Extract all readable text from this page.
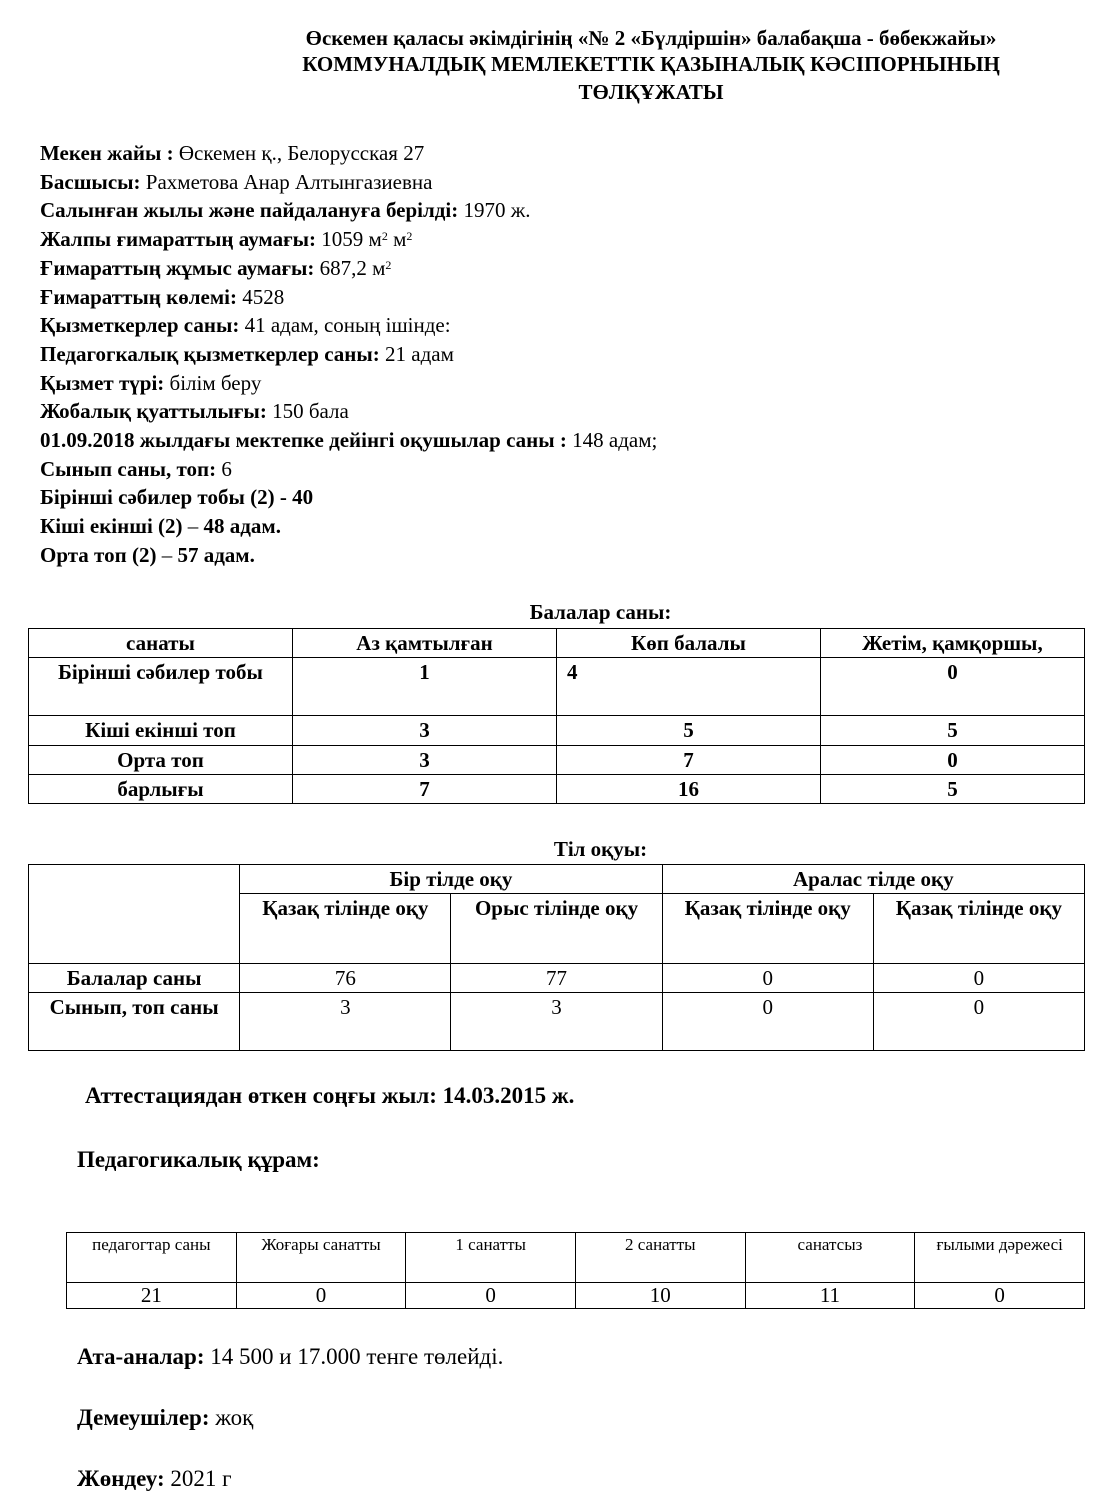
Өскемен қаласы әкімдігінің «№ 2 «Бүлдіршін» балабақша - бөбекжайы»
КОММУНАЛДЫҚ МЕМЛЕКЕТТІК ҚАЗЫНАЛЫҚ КӘСІПОРНЫНЫҢ
ТӨЛҚҰЖАТЫ
Мекен жайы : Өскемен қ., Белорусская 27
Басшысы: Рахметова Анар Алтынгазиевна
Салынған жылы және пайдалануға берілді: 1970 ж.
Жалпы ғимараттың аумағы: 1059 $м^2$ $м^2$
Ғимараттың жұмыс аумағы: 687,2 $м^2$
Ғимараттың көлемі: 4528
Қызметкерлер саны: 41 адам, соның ішінде:
Педагогкалық қызметкерлер саны: 21 адам
Қызмет түрі: білім беру
Жобалық қуаттылығы: 150 бала
01.09.2018 жылдағы мектепке дейінгі оқушылар саны : 148 адам;
Сынып саны, топ: 6
Бірінші сәбилер тобы (2) - 40
Кіші екінші (2) – 48 адам.
Орта топ (2) – 57 адам.
Балалар саны:
санаты	Аз қамтылған	Көп балалы	Жетім, қамқоршы,
Бірінші сәбилер тобы	1	4	0
Кіші екінші топ	3	5	5
Орта топ	3	7	0
барлығы	7	16	5
Тіл оқуы:
	Бір тілде оқу		Аралас тілде оқу	
	Қазақ тілінде оқу	Орыс тілінде оқу	Қазақ тілінде оқу	Қазақ тілінде оқу
Балалар саны	76	77	0	0
Сынып, топ саны	3	3	0	0
Аттестациядан өткен соңғы жыл: 14.03.2015 ж.
Педагогикалық құрам:
педагогтар саны	Жоғары санатты	1 санатты	2 санатты	санатсыз	ғылыми дәрежесі
21	0	0	10	11	0
Ата-аналар: 14 500 и 17.000 тенге төлейді.
Демеушілер: жоқ
Жөндеу: 2021 г
